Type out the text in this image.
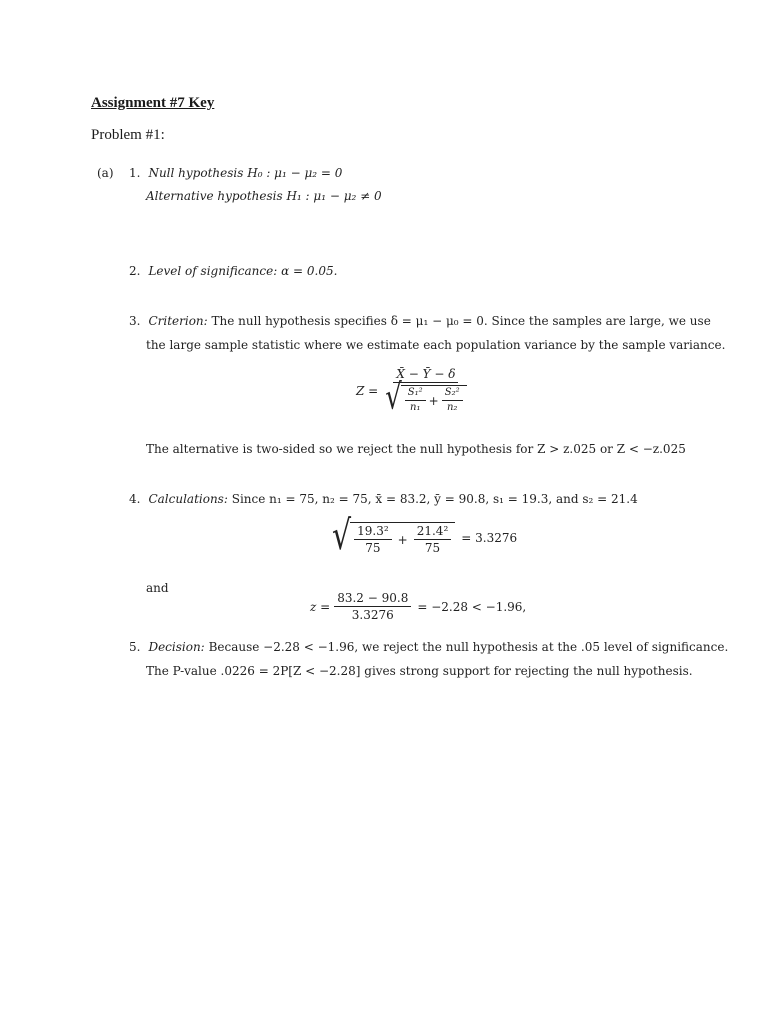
Assignment #7 Key
Problem #1:
(a) 1. Null hypothesis H₀ : μ₁ − μ₂ = 0
Alternative hypothesis H₁ : μ₁ − μ₂ ≠ 0
2. Level of significance: α = 0.05.
3. Criterion: The null hypothesis specifies δ = μ₁ − μ₀ = 0. Since the samples are large, we use
the large sample statistic where we estimate each population variance by the sample variance.
Z =
X̄ − Ȳ − δ
√ $\frac{\text{S₁²}}{\text{n₁}} + \frac{\text{S₂²}}{\text{n₂}}$
The alternative is two-sided so we reject the null hypothesis for Z > z.025 or Z < −z.025
4. Calculations: Since n₁ = 75, n₂ = 75, x̄ = 83.2, ȳ = 90.8, s₁ = 19.3, and s₂ = 21.4
√ $\frac{\text{19.3²}}{75} + \frac{\text{21.4²}}{75} = 3.3276$
and
$z = \frac{83.2 - 90.8}{3.3276} = -2.28 < -1.96$,
5. Decision: Because −2.28 < −1.96, we reject the null hypothesis at the .05 level of significance.
The P-value .0226 = 2P[Z < −2.28] gives strong support for rejecting the null hypothesis.
